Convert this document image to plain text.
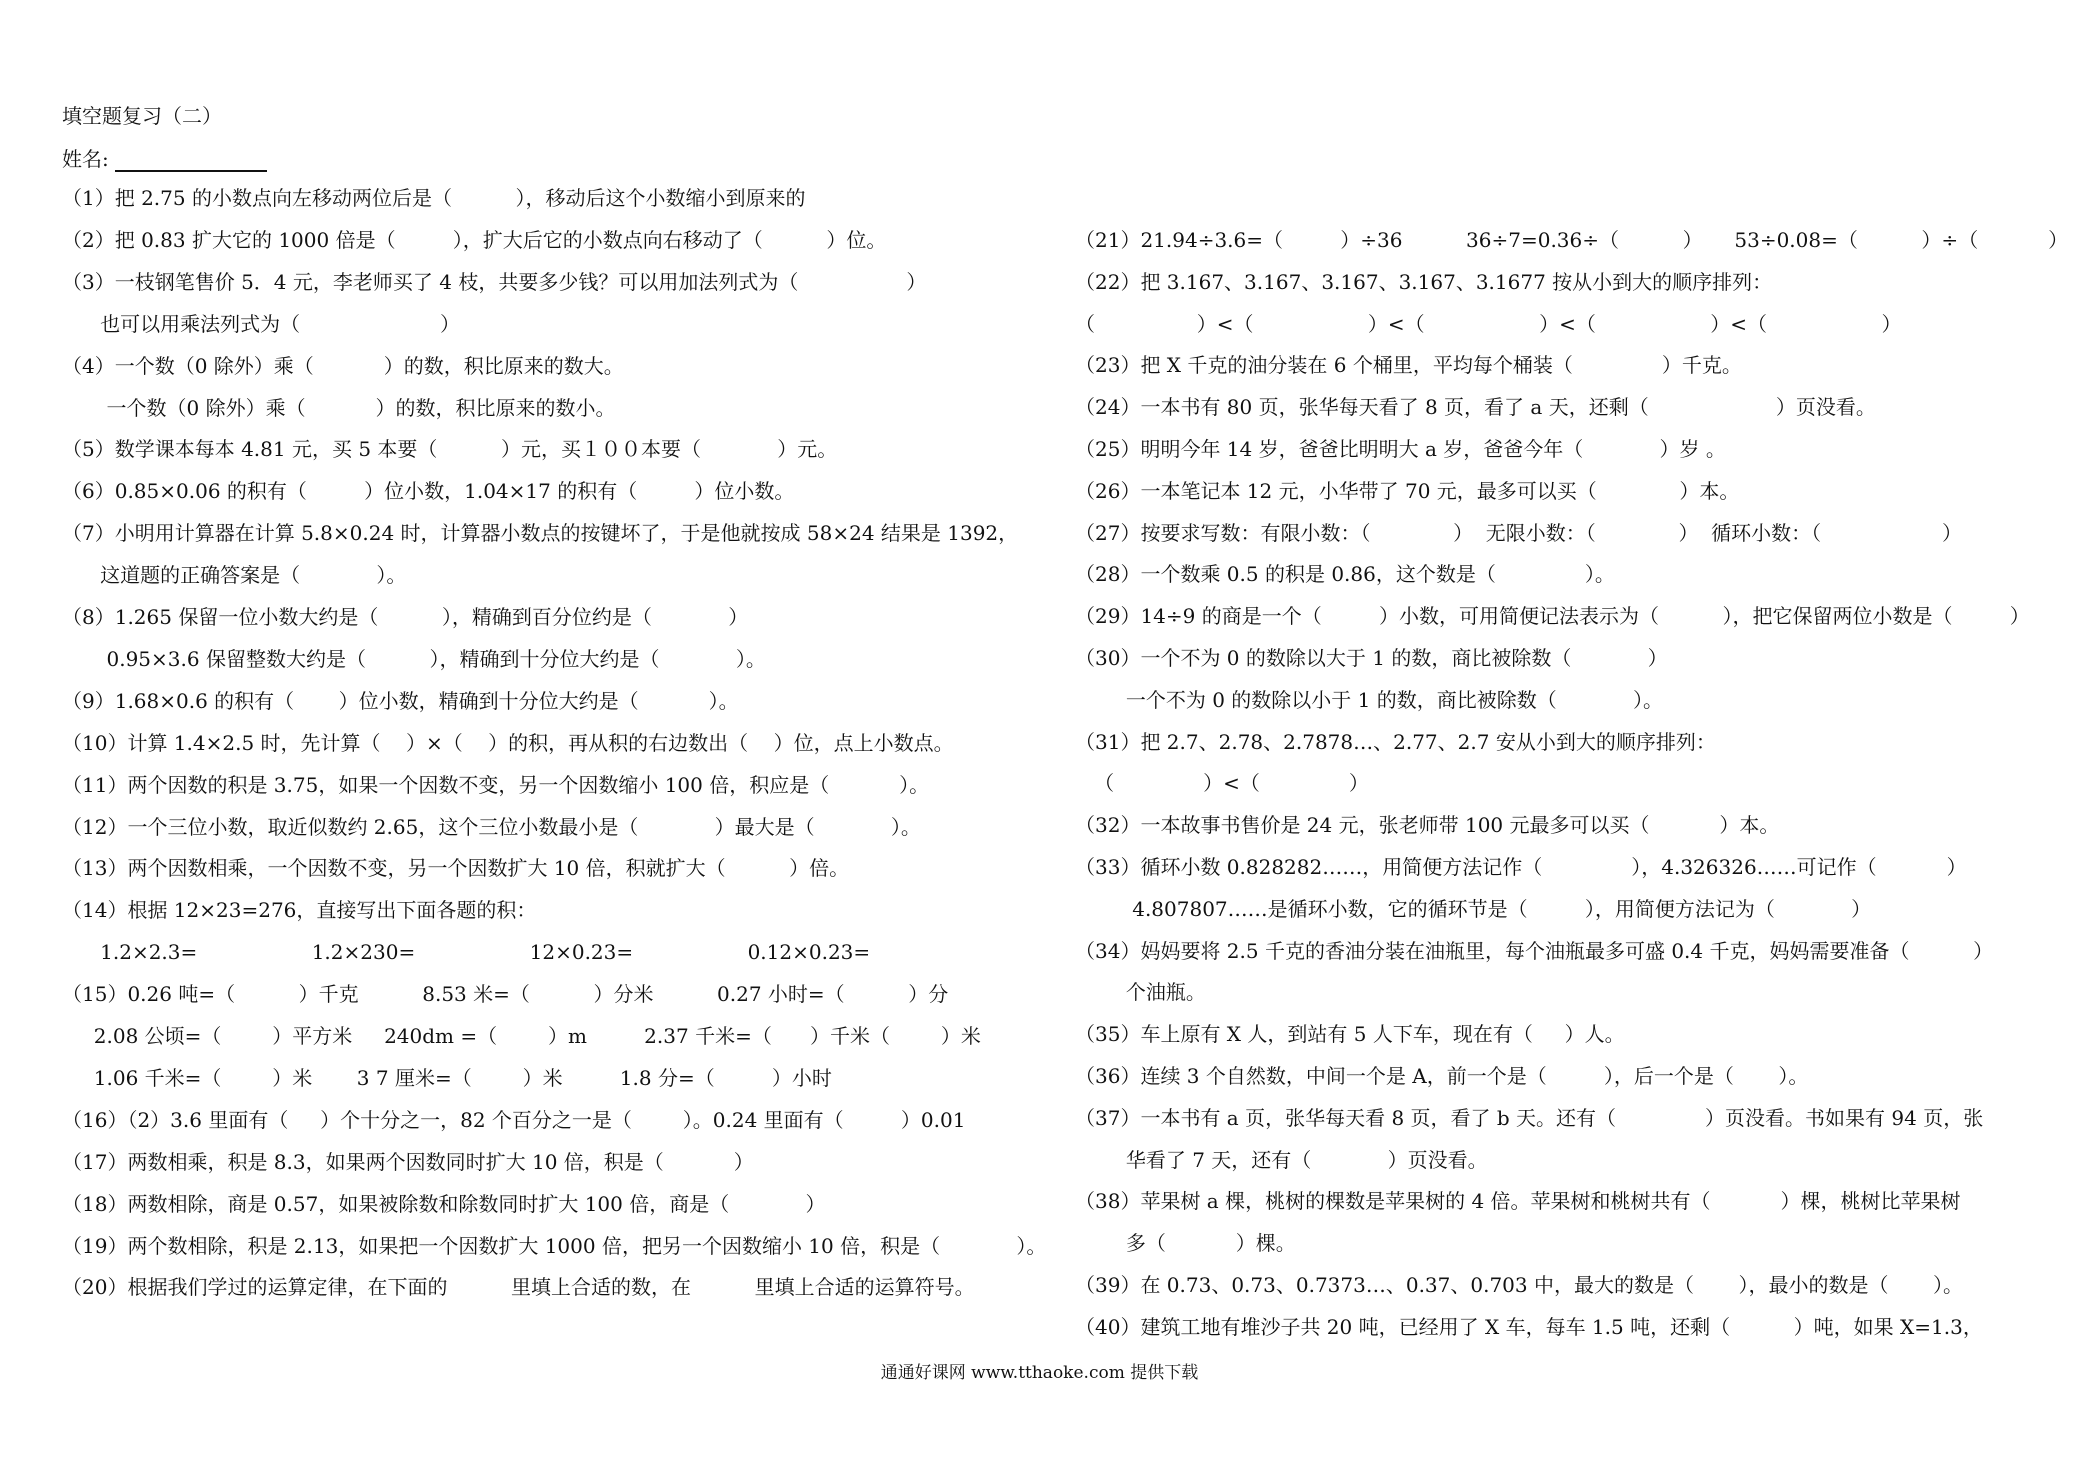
填空题复习（二）
姓名:
（1）把 2.75 的小数点向左移动两位后是（          ），移动后这个小数缩小到原来的
（2）把 0.83 扩大它的 1000 倍是（         ），扩大后它的小数点向右移动了（          ）位。
（3）一枝钢笔售价 5．4 元，李老师买了 4 枝，共要多少钱？可以用加法列式为（                 ）
也可以用乘法列式为（                      ）
（4）一个数（0 除外）乘（           ）的数，积比原来的数大。
一个数（0 除外）乘（           ）的数，积比原来的数小。
（5）数学课本每本 4.81 元，买 5 本要（          ）元，买１００本要（            ）元。
（6）0.85×0.06 的积有（         ）位小数，1.04×17 的积有（         ）位小数。
（7）小明用计算器在计算 5.8×0.24 时，计算器小数点的按键坏了，于是他就按成 58×24 结果是 1392，
这道题的正确答案是（            ）。
（8）1.265 保留一位小数大约是（          ），精确到百分位约是（            ）
0.95×3.6 保留整数大约是（          ），精确到十分位大约是（            ）。
（9）1.68×0.6 的积有（       ）位小数，精确到十分位大约是（           ）。
（10）计算 1.4×2.5 时，先计算（    ）×（    ）的积，再从积的右边数出（    ）位，点上小数点。
（11）两个因数的积是 3.75，如果一个因数不变，另一个因数缩小 100 倍，积应是（           ）。
（12）一个三位小数，取近似数约 2.65，这个三位小数最小是（            ）最大是（            ）。
（13）两个因数相乘，一个因数不变，另一个因数扩大 10 倍，积就扩大（          ）倍。
（14）根据 12×23=276，直接写出下面各题的积：
1.2×2.3=                  1.2×230=                  12×0.23=                  0.12×0.23=
（15）0.26 吨=（          ）千克          8.53 米=（          ）分米          0.27 小时=（          ）分
2.08 公顷=（        ）平方米     240dm =（        ）m         2.37 千米=（      ）千米（        ）米
1.06 千米=（        ）米       3 7 厘米=（        ）米         1.8 分=（         ）小时
（16）（2）3.6 里面有（     ）个十分之一，82 个百分之一是（        ）。0.24 里面有（         ）0.01
（17）两数相乘，积是 8.3，如果两个因数同时扩大 10 倍，积是（           ）
（18）两数相除，商是 0.57，如果被除数和除数同时扩大 100 倍，商是（            ）
（19）两个数相除，积是 2.13，如果把一个因数扩大 1000 倍，把另一个因数缩小 10 倍，积是（            ）。
（20）根据我们学过的运算定律，在下面的          里填上合适的数，在          里填上合适的运算符号。
（21）21.94÷3.6=（         ）÷36          36÷7=0.36÷（          ）     53÷0.08=（          ）÷（           ）
（22）把 3.167、3.167、3.167、3.167、3.1677 按从小到大的顺序排列：
（                ）<（                  ）<（                  ）<（                  ）<（                  ）
（23）把 X 千克的油分装在 6 个桶里，平均每个桶装（              ）千克。
（24）一本书有 80 页，张华每天看了 8 页，看了 a 天，还剩（                    ）页没看。
（25）明明今年 14 岁，爸爸比明明大 a 岁，爸爸今年（            ）岁 。
（26）一本笔记本 12 元，小华带了 70 元，最多可以买（             ）本。
（27）按要求写数：有限小数：（             ）  无限小数：（             ）  循环小数：（                   ）
（28）一个数乘 0.5 的积是 0.86，这个数是（              ）。
（29）14÷9 的商是一个（         ）小数，可用简便记法表示为（          ），把它保留两位小数是（         ）
（30）一个不为 0 的数除以大于 1 的数，商比被除数（            ）
一个不为 0 的数除以小于 1 的数，商比被除数（            ）。
（31）把 2.7、2.78、2.7878…、2.77、2.7 安从小到大的顺序排列：
（              ）<（              ）
（32）一本故事书售价是 24 元，张老师带 100 元最多可以买（           ）本。
（33）循环小数 0.828282……，用简便方法记作（              ），4.326326……可记作（           ）
4.807807……是循环小数，它的循环节是（         ），用简便方法记为（            ）
（34）妈妈要将 2.5 千克的香油分装在油瓶里，每个油瓶最多可盛 0.4 千克，妈妈需要准备（          ）
个油瓶。
（35）车上原有 X 人，到站有 5 人下车，现在有（     ）人。
（36）连续 3 个自然数，中间一个是 A，前一个是（         ），后一个是（       ）。
（37）一本书有 a 页，张华每天看 8 页，看了 b 天。还有（              ）页没看。书如果有 94 页，张
华看了 7 天，还有（            ）页没看。
（38）苹果树 a 棵，桃树的棵数是苹果树的 4 倍。苹果树和桃树共有（           ）棵，桃树比苹果树
多（           ）棵。
（39）在 0.73、0.73、0.7373…、0.37、0.703 中，最大的数是（       ），最小的数是（       ）。
（40）建筑工地有堆沙子共 20 吨，已经用了 X 车，每车 1.5 吨，还剩（          ）吨，如果 X=1.3，
通通好课网 www.tthaoke.com 提供下载
